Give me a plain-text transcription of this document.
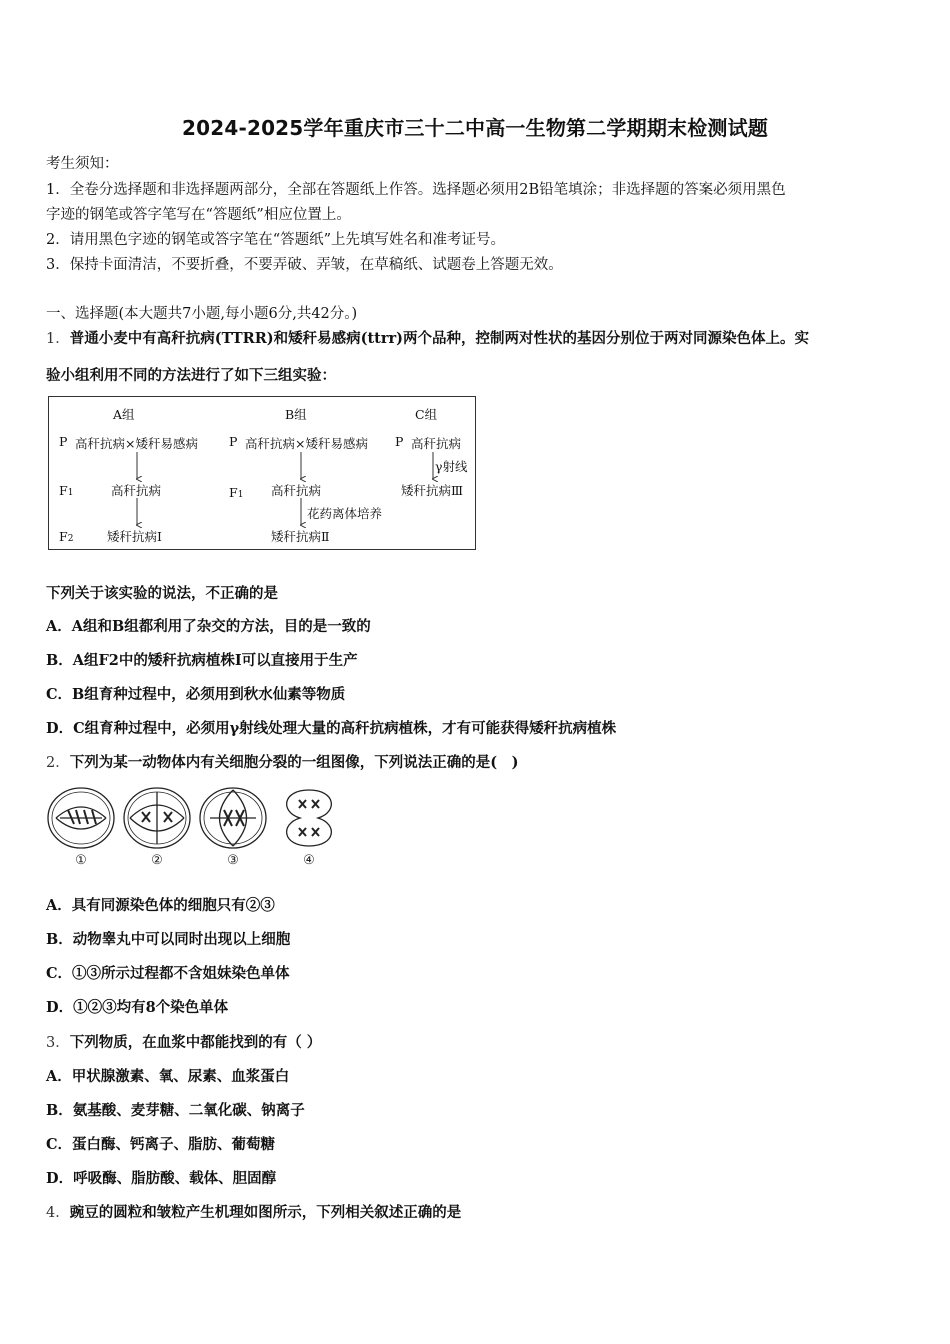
2024-2025学年重庆市三十二中高一生物第二学期期末检测试题
考生须知：
1．全卷分选择题和非选择题两部分，全部在答题纸上作答。选择题必须用2B铅笔填涂；非选择题的答案必须用黑色
字迹的钢笔或答字笔写在“答题纸”相应位置上。
2．请用黑色字迹的钢笔或答字笔在“答题纸”上先填写姓名和准考证号。
3．保持卡面清洁，不要折叠，不要弄破、弄皱，在草稿纸、试题卷上答题无效。
一、选择题(本大题共7小题,每小题6分,共42分。)
1．普通小麦中有高秆抗病(TTRR)和矮秆易感病(ttrr)两个品种，控制两对性状的基因分别位于两对同源染色体上。实
验小组利用不同的方法进行了如下三组实验：
A组	B组	C组
P 高秆抗病×矮秆易感病 P 高秆抗病×矮秆易感病 P 高秆抗病
γ射线
F1	高秆抗病	F1 高秆抗病	矮秆抗病Ⅲ
花药离体培养
F2	矮秆抗病Ⅰ	矮秆抗病Ⅱ
下列关于该实验的说法，不正确的是
A．A组和B组都利用了杂交的方法，目的是一致的
B．A组F2中的矮秆抗病植株Ⅰ可以直接用于生产
C．B组育种过程中，必须用到秋水仙素等物质
D．C组育种过程中，必须用γ射线处理大量的高秆抗病植株，才有可能获得矮秆抗病植株
2．下列为某一动物体内有关细胞分裂的一组图像，下列说法正确的是(　)
①	②	③	④
A．具有同源染色体的细胞只有②③
B．动物睾丸中可以同时出现以上细胞
C．①③所示过程都不含姐妹染色单体
D．①②③均有8个染色单体
3．下列物质，在血浆中都能找到的有（ ）
A．甲状腺激素、氧、尿素、血浆蛋白
B．氨基酸、麦芽糖、二氧化碳、钠离子
C．蛋白酶、钙离子、脂肪、葡萄糖
D．呼吸酶、脂肪酸、载体、胆固醇
4．豌豆的圆粒和皱粒产生机理如图所示，下列相关叙述正确的是
